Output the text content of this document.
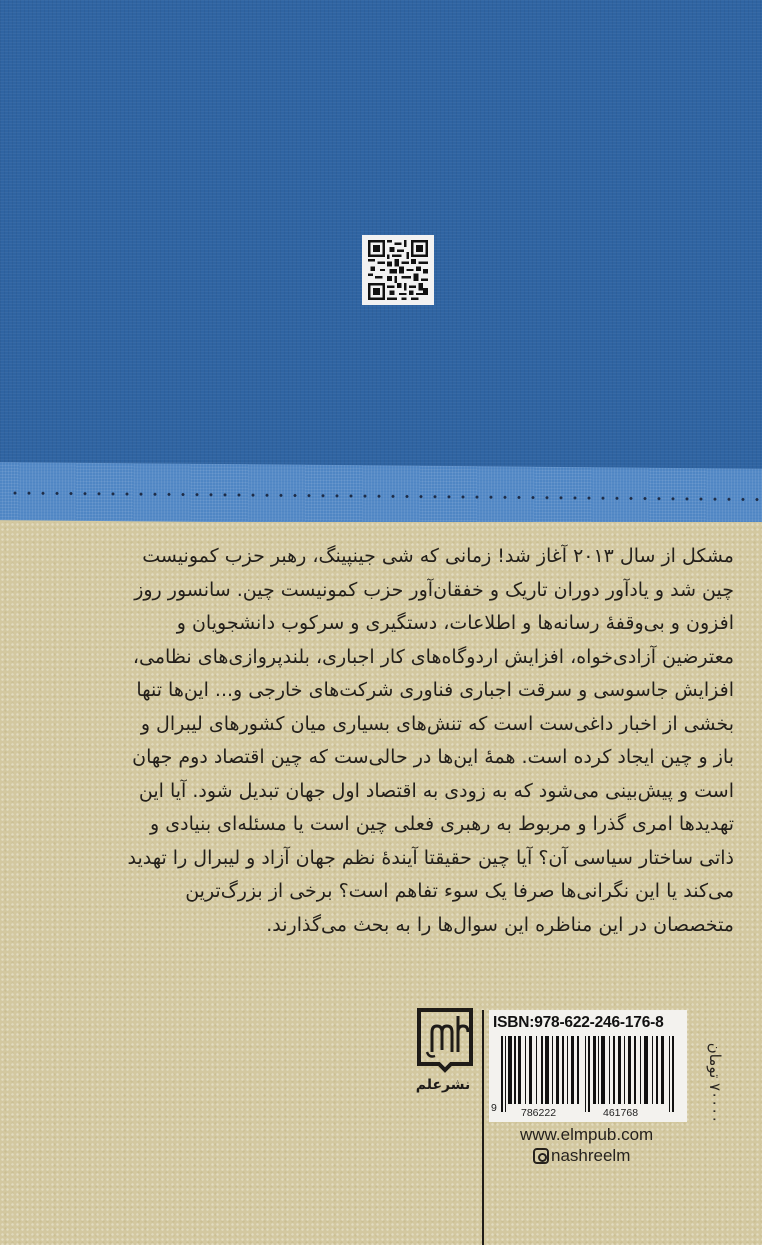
مشکل از سال ۲۰۱۳ آغاز شد! زمانی که شی جینپینگ، رهبر حزب کمونیست

چین شد و یادآور دوران تاریک و خفقان‌آور حزب کمونیست چین. سانسور روز

افزون و بی‌وقفهٔ رسانه‌ها و اطلاعات، دستگیری و سرکوب دانشجویان و

معترضین آزادی‌خواه، افزایش اردوگاه‌های کار اجباری، بلندپروازی‌های نظامی،

افزایش جاسوسی و سرقت اجباری فناوری شرکت‌های خارجی و... این‌ها تنها

بخشی از اخبار داغی‌ست است که تنش‌های بسیاری میان کشورهای لیبرال و

باز و چین ایجاد کرده است. همهٔ این‌ها در حالی‌ست که چین اقتصاد دوم جهان

است و پیش‌بینی می‌شود که به زودی به اقتصاد اول جهان تبدیل شود. آیا این

تهدیدها امری گذرا و مربوط به رهبری فعلی چین است یا مسئله‌ای بنیادی و

ذاتی ساختار سیاسی آن؟ آیا چین حقیقتا آیندهٔ نظم جهان آزاد و لیبرال را تهدید

می‌کند یا این نگرانی‌ها صرفا یک سوء تفاهم است؟ برخی از بزرگ‌ترین

متخصصان در این مناظره این سوال‌ها را به بحث می‌گذارند.

نشرعلم
ISBN:978-622-246-176-8
9 786222	461768
www.elmpub.com
nashreelm
۷۰۰۰۰ تومان
